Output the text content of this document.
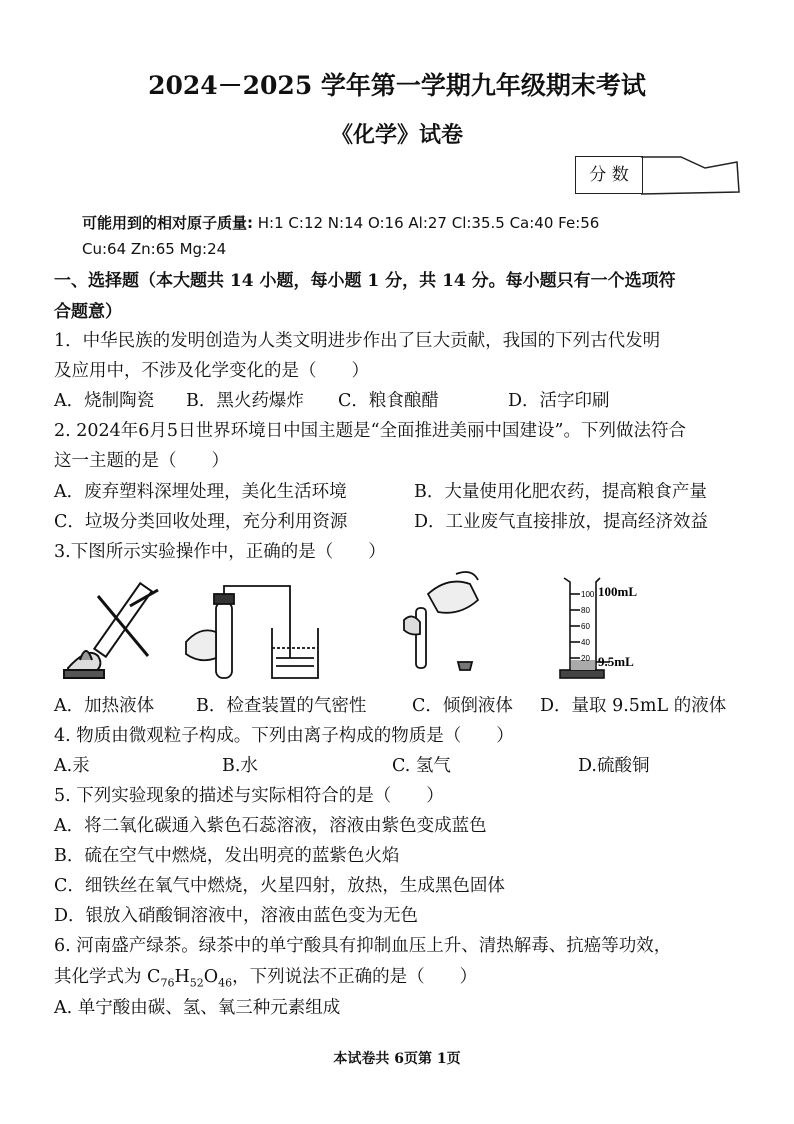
2024－2025 学年第一学期九年级期末考试
《化学》试卷
分 数
可能用到的相对原子质量: H:1 C:12 N:14 O:16 Al:27 Cl:35.5 Ca:40 Fe:56
Cu:64 Zn:65 Mg:24
一、选择题（本大题共 14 小题，每小题 1 分，共 14 分。每小题只有一个选项符
合题意）
1．中华民族的发明创造为人类文明进步作出了巨大贡献，我国的下列古代发明
及应用中，不涉及化学变化的是（　　）
A．烧制陶瓷 B．黑火药爆炸 C．粮食酿醋	D．活字印刷
2. 2024年6月5日世界环境日中国主题是“全面推进美丽中国建设”。下列做法符合
这一主题的是（　　）
A．废弃塑料深埋处理，美化生活环境	B．大量使用化肥农药，提高粮食产量
C．垃圾分类回收处理，充分利用资源	D．工业废气直接排放，提高经济效益
3.下图所示实验操作中，正确的是（　　）
100
80
60
40
20
100mL
9.5mL
A．加热液体 B．检查装置的气密性	C．倾倒液体 D．量取 9.5mL 的液体
4. 物质由微观粒子构成。下列由离子构成的物质是（　　）
A.汞	B.水	C. 氢气	D.硫酸铜
5. 下列实验现象的描述与实际相符合的是（　　）
A．将二氧化碳通入紫色石蕊溶液，溶液由紫色变成蓝色
B．硫在空气中燃烧，发出明亮的蓝紫色火焰
C．细铁丝在氧气中燃烧，火星四射，放热，生成黑色固体
D．银放入硝酸铜溶液中，溶液由蓝色变为无色
6. 河南盛产绿茶。绿茶中的单宁酸具有抑制血压上升、清热解毒、抗癌等功效，
其化学式为 $C_{76}H_{52}O_{46}$，下列说法不正确的是（　　）
A. 单宁酸由碳、氢、氧三种元素组成
本试卷共 6页第 1页
